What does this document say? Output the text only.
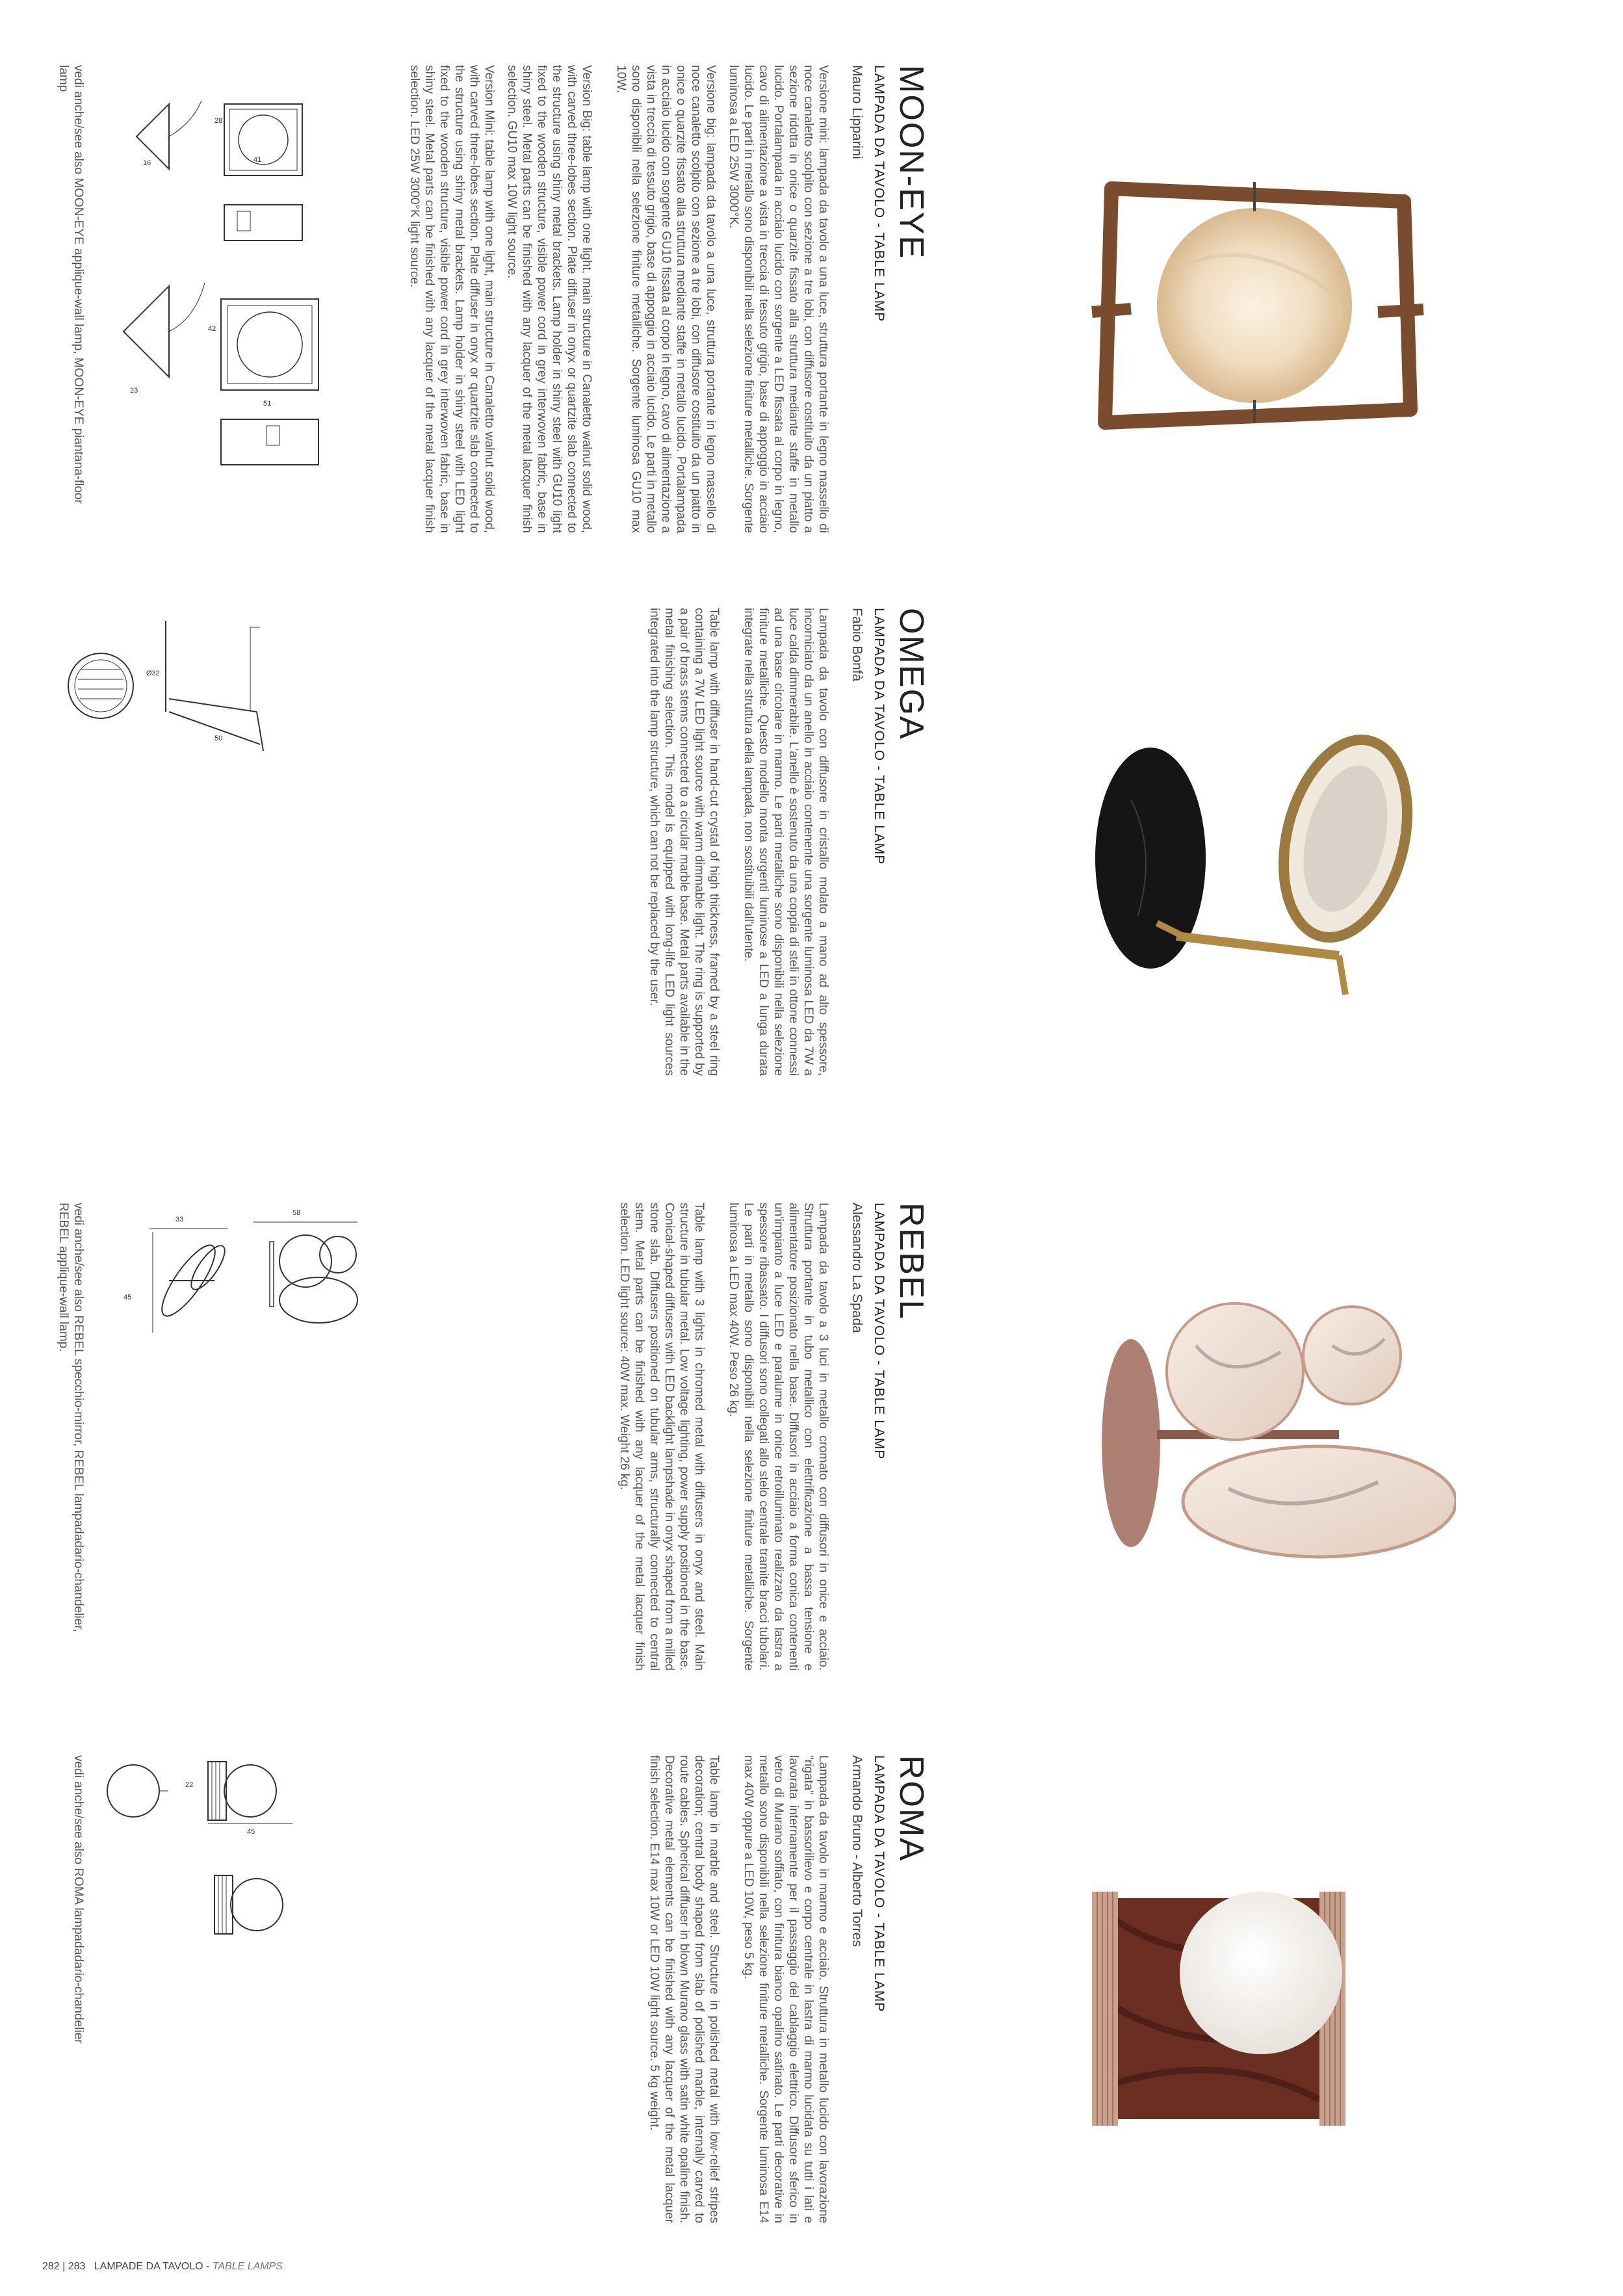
MOON-EYE
LAMPADA DA TAVOLO - TABLE LAMP
Mauro Lipparini

Versione mini: lampada da tavolo a una luce, struttura portante in legno massello di noce canaletto scolpito con sezione a tre lobi, con diffusore costituito da un piatto a sezione ridotta in onice o quarzite fissato alla struttura mediante staffe in metallo lucido. Portalampada in acciaio lucido con sorgente a LED fissata al corpo in legno, cavo di alimentazione a vista in treccia di tessuto grigio, base di appoggio in acciaio lucido. Le parti in metallo sono disponibili nella selezione finiture metalliche. Sorgente luminosa a LED 25W 3000°K.

Versione big: lampada da tavolo a una luce, struttura portante in legno massello di noce canaletto scolpito con sezione a tre lobi, con diffusore costituito da un piatto in onice o quarzite fissato alla struttura mediante staffe in metallo lucido. Portalampada in acciaio lucido con sorgente GU10 fissata al corpo in legno, cavo di alimentazione a vista in treccia di tessuto grigio, base di appoggio in acciaio lucido. Le parti in metallo sono disponibili nella selezione finiture metalliche. Sorgente luminosa GU10 max 10W.

Version Big: table lamp with one light, main structure in Canaletto walnut solid wood, with carved three-lobes section. Plate diffuser in onyx or quartzite slab connected to the structure using shiny metal brackets. Lamp holder in shiny steel with GU10 light fixed to the wooden structure, visible power cord in grey interwoven fabric, base in shiny steel. Metal parts can be finished with any lacquer of the metal lacquer finish selection. GU10 max 10W light source.

Version Mini: table lamp with one light, main structure in Canaletto walnut solid wood, with carved three-lobes section. Plate diffuser in onyx or quartzite slab connected to the structure using shiny metal brackets. Lamp holder in shiny steel with LED light fixed to the wooden structure, visible power cord in grey interwoven fabric, base in shiny steel. Metal parts can be finished with any lacquer of the metal lacquer finish selection. LED 25W 3000°K light source.

28
41
16
42
51
23
vedi anche/see also MOON-EYE applique-wall lamp, MOON-EYE piantana-floor lamp
OMEGA
LAMPADA DA TAVOLO - TABLE LAMP
Fabio Bonfà

Lampada da tavolo con diffusore in cristallo molato a mano ad alto spessore, incorniciato da un anello in acciaio contenente una sorgente luminosa LED da 7W a luce calda dimmerabile. L'anello è sostenuto da una coppia di steli in ottone connessi ad una base circolare in marmo. Le parti metalliche sono disponibili nella selezione finiture metalliche. Questo modello monta sorgenti luminose a LED a lunga durata integrate nella struttura della lampada, non sostituibili dall'utente.

Table lamp with diffuser in hand-cut crystal of high thickness, framed by a steel ring containing a 7W LED light source with warm dimmable light. The ring is supported by a pair of brass stems connected to a circular marble base. Metal parts available in the metal finishing selection. This model is equipped with long-life LED light sources integrated into the lamp structure, which can not be replaced by the user.

50
Ø32
REBEL
LAMPADA DA TAVOLO - TABLE LAMP
Alessandro La Spada

Lampada da tavolo a 3 luci in metallo cromato con diffusori in onice e acciaio. Struttura portante in tubo metallico con elettrificazione a bassa tensione e alimentatore posizionato nella base. Diffusori in acciaio a forma conica contenenti un'impianto a luce LED e paralume in onice retroilluminato realizzato da lastra a spessore ribassato. I diffusori sono collegati allo stelo centrale tramite bracci tubolari. Le parti in metallo sono disponibili nella selezione finiture metalliche. Sorgente luminosa a LED max 40W. Peso 26 kg.

Table lamp with 3 lights in chromed metal with diffusers in onyx and steel. Main structure in tubular metal. Low voltage lighting, power supply positioned in the base. Conical-shaped diffusers with LED backlight lampshade in onyx shaped from a milled stone slab. Diffusers positioned on tubular arms, structurally connected to central stem. Metal parts can be finished with any lacquer of the metal lacquer finish selection. LED light source: 40W max. Weight 26 kg.

58
33
45
vedi anche/see also REBEL specchio-mirror, REBEL lampadadario-chandelier, REBEL applique-wall lamp.
ROMA
LAMPADA DA TAVOLO - TABLE LAMP
Armando Bruno - Alberto Torres

Lampada da tavolo in marmo e acciaio. Struttura in metallo lucido con lavorazione "rigata" in bassorilievo e corpo centrale in lastra di marmo lucidata su tutti i lati e lavorata internamente per il passaggio del cablaggio elettrico. Diffusore sferico in vetro di Murano soffiato, con finitura bianco opalino satinato. Le parti decorative in metallo sono disponibili nella selezione finiture metalliche. Sorgente luminosa E14 max 40W oppure a LED 10W, peso 5 kg.

Table lamp in marble and steel. Structure in polished metal with low-relief stripes decoration; central body shaped from slab of polished marble, internally carved to route cables. Spherical diffuser in blown Murano glass with satin white opaline finish. Decorative metal elements can be finished with any lacquer of the metal lacquer finish selection. E14 max 10W or LED 10W light source. 5 kg weight.

22
45
vedi anche/see also ROMA lampadadario-chandelier
282 | 283 LAMPADE DA TAVOLO - TABLE LAMPS
